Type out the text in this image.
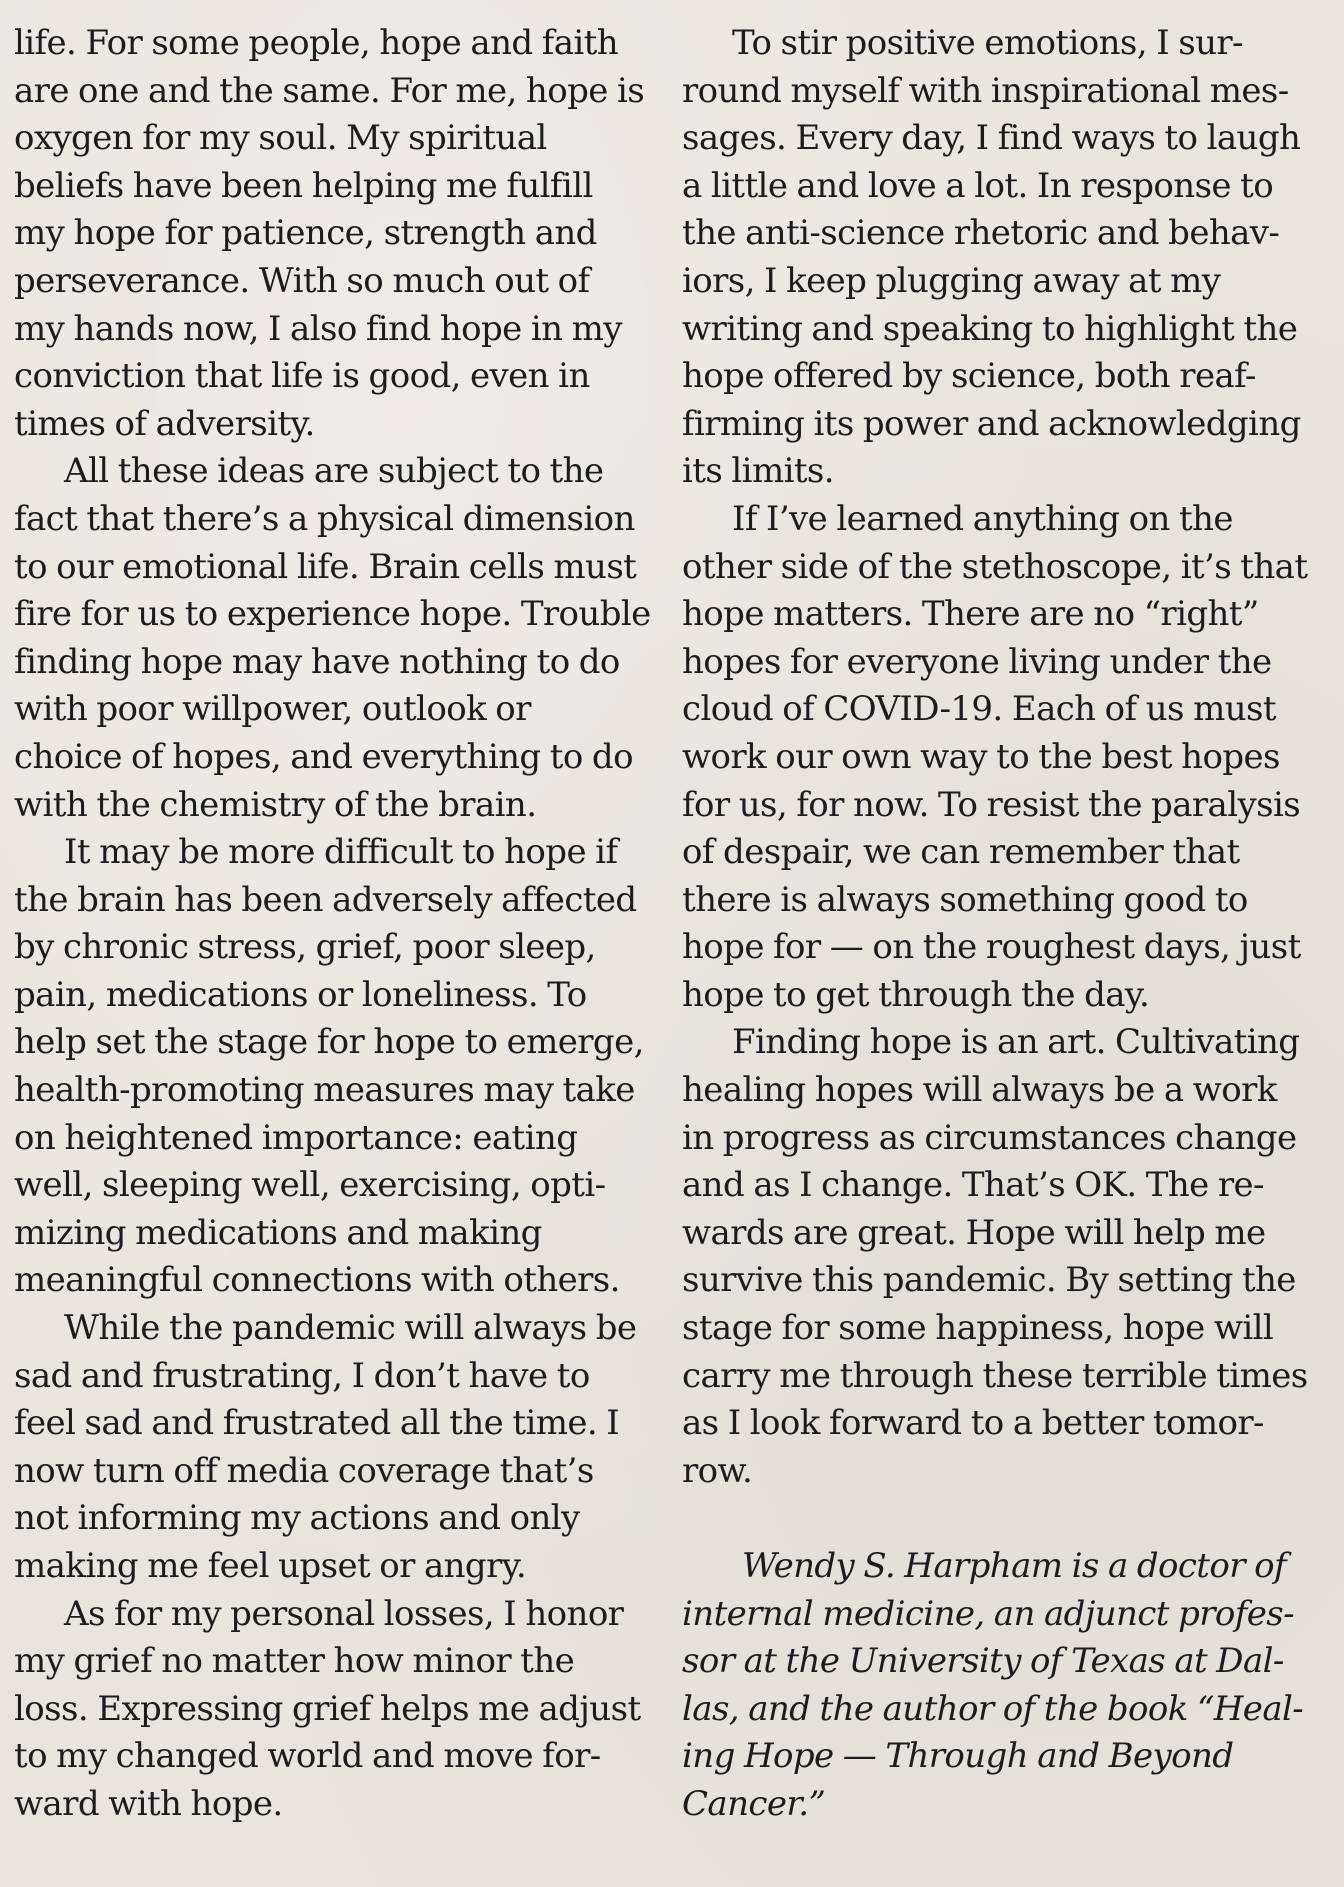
life. For some people, hope and faith
are one and the same. For me, hope is
oxygen for my soul. My spiritual
beliefs have been helping me fulfill
my hope for patience, strength and
perseverance. With so much out of
my hands now, I also find hope in my
conviction that life is good, even in
times of adversity.
All these ideas are subject to the
fact that there’s a physical dimension
to our emotional life. Brain cells must
fire for us to experience hope. Trouble
finding hope may have nothing to do
with poor willpower, outlook or
choice of hopes, and everything to do
with the chemistry of the brain.
It may be more difficult to hope if
the brain has been adversely affected
by chronic stress, grief, poor sleep,
pain, medications or loneliness. To
help set the stage for hope to emerge,
health-promoting measures may take
on heightened importance: eating
well, sleeping well, exercising, opti-
mizing medications and making
meaningful connections with others.
While the pandemic will always be
sad and frustrating, I don’t have to
feel sad and frustrated all the time. I
now turn off media coverage that’s
not informing my actions and only
making me feel upset or angry.
As for my personal losses, I honor
my grief no matter how minor the
loss. Expressing grief helps me adjust
to my changed world and move for-
ward with hope.
To stir positive emotions, I sur-
round myself with inspirational mes-
sages. Every day, I find ways to laugh
a little and love a lot. In response to
the anti-science rhetoric and behav-
iors, I keep plugging away at my
writing and speaking to highlight the
hope offered by science, both reaf-
firming its power and acknowledging
its limits.
If I’ve learned anything on the
other side of the stethoscope, it’s that
hope matters. There are no “right”
hopes for everyone living under the
cloud of COVID-19. Each of us must
work our own way to the best hopes
for us, for now. To resist the paralysis
of despair, we can remember that
there is always something good to
hope for — on the roughest days, just
hope to get through the day.
Finding hope is an art. Cultivating
healing hopes will always be a work
in progress as circumstances change
and as I change. That’s OK. The re-
wards are great. Hope will help me
survive this pandemic. By setting the
stage for some happiness, hope will
carry me through these terrible times
as I look forward to a better tomor-
row.

Wendy S. Harpham is a doctor of
internal medicine, an adjunct profes-
sor at the University of Texas at Dal-
las, and the author of the book “Heal-
ing Hope — Through and Beyond
Cancer.”
